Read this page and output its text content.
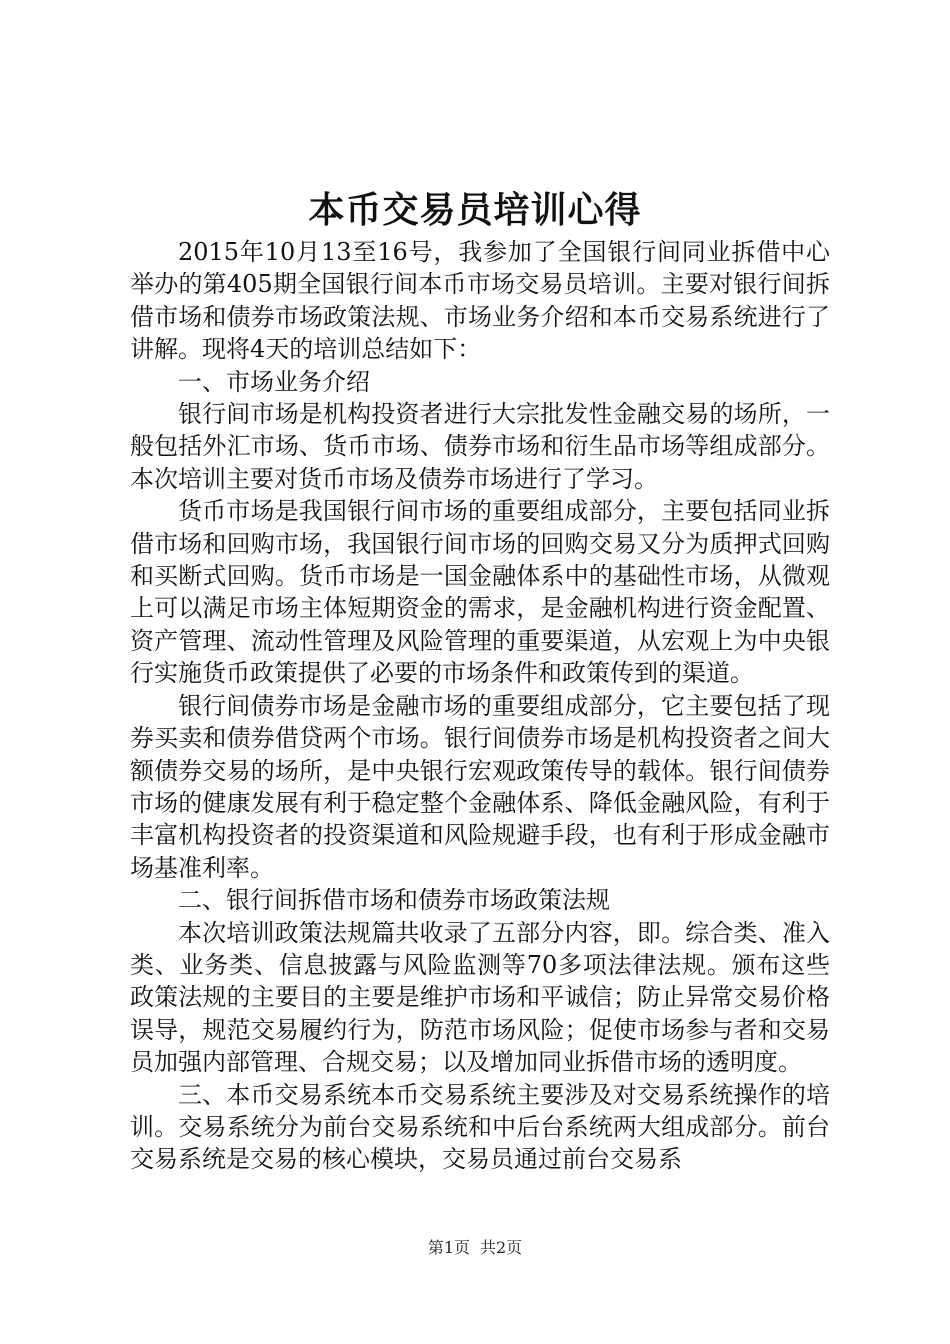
本币交易员培训心得

2015年10月13至16号，我参加了全国银行间同业拆借中心举办的第405期全国银行间本币市场交易员培训。主要对银行间拆借市场和债券市场政策法规、市场业务介绍和本币交易系统进行了讲解。现将4天的培训总结如下：

一、市场业务介绍

银行间市场是机构投资者进行大宗批发性金融交易的场所，一般包括外汇市场、货币市场、债券市场和衍生品市场等组成部分。本次培训主要对货币市场及债券市场进行了学习。

货币市场是我国银行间市场的重要组成部分，主要包括同业拆借市场和回购市场，我国银行间市场的回购交易又分为质押式回购和买断式回购。货币市场是一国金融体系中的基础性市场，从微观上可以满足市场主体短期资金的需求，是金融机构进行资金配置、资产管理、流动性管理及风险管理的重要渠道，从宏观上为中央银行实施货币政策提供了必要的市场条件和政策传到的渠道。

银行间债券市场是金融市场的重要组成部分，它主要包括了现券买卖和债券借贷两个市场。银行间债券市场是机构投资者之间大额债券交易的场所，是中央银行宏观政策传导的载体。银行间债券市场的健康发展有利于稳定整个金融体系、降低金融风险，有利于丰富机构投资者的投资渠道和风险规避手段，也有利于形成金融市场基准利率。

二、银行间拆借市场和债券市场政策法规

本次培训政策法规篇共收录了五部分内容，即。综合类、准入类、业务类、信息披露与风险监测等70多项法律法规。颁布这些政策法规的主要目的主要是维护市场和平诚信；防止异常交易价格误导，规范交易履约行为，防范市场风险；促使市场参与者和交易员加强内部管理、合规交易；以及增加同业拆借市场的透明度。

三、本币交易系统本币交易系统主要涉及对交易系统操作的培训。交易系统分为前台交易系统和中后台系统两大组成部分。前台交易系统是交易的核心模块，交易员通过前台交易系

第1页 共2页
